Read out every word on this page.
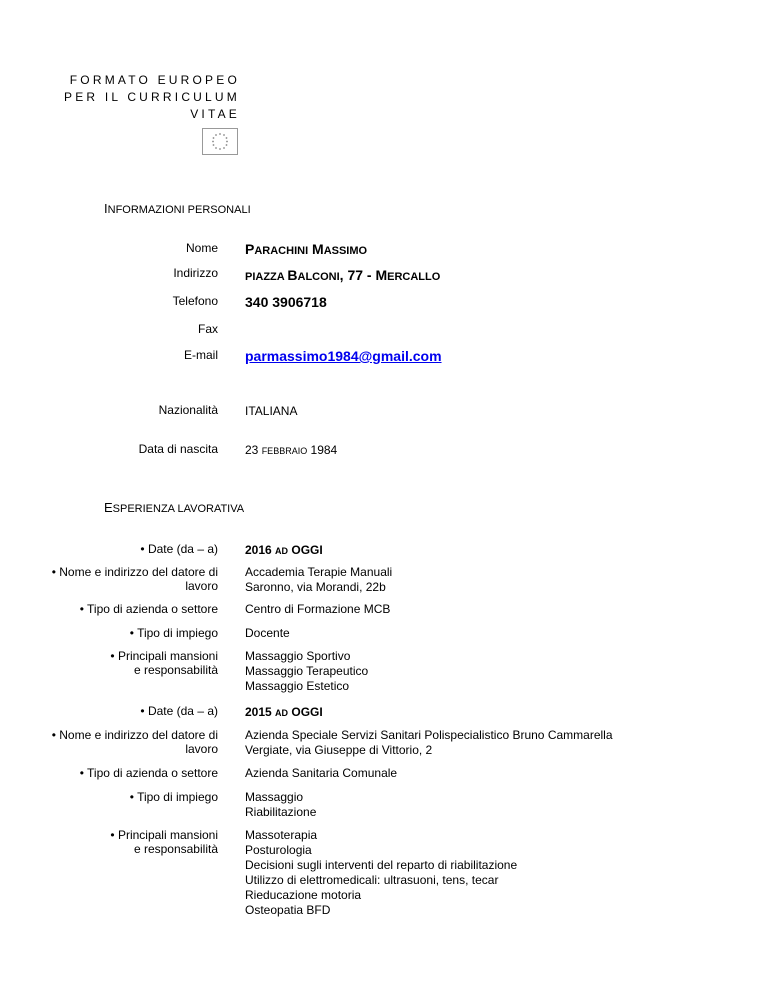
FORMATO EUROPEO
PER IL CURRICULUM
VITAE
INFORMAZIONI PERSONALI
Nome PARACHINI MASSIMO
Indirizzo PIAZZA BALCONI, 77 - MERCALLO
Telefono 340 3906718
Fax
E-mail parmassimo1984@gmail.com
Nazionalità ITALIANA
Data di nascita 23 FEBBRAIO 1984
ESPERIENZA LAVORATIVA
• Date (da – a) 2016 AD OGGI
• Nome e indirizzo del datore di lavoro
Accademia Terapie Manuali
Saronno, via Morandi, 22b
• Tipo di azienda o settore Centro di Formazione MCB
• Tipo di impiego Docente
• Principali mansioni e responsabilità
Massaggio Sportivo
Massaggio Terapeutico
Massaggio Estetico
• Date (da – a) 2015 AD OGGI
• Nome e indirizzo del datore di lavoro
Azienda Speciale Servizi Sanitari Polispecialistico Bruno Cammarella
Vergiate, via Giuseppe di Vittorio, 2
• Tipo di azienda o settore Azienda Sanitaria Comunale
• Tipo di impiego Massaggio
Riabilitazione
• Principali mansioni e responsabilità
Massoterapia
Posturologia
Decisioni sugli interventi del reparto di riabilitazione
Utilizzo di elettromedicali: ultrasuoni, tens, tecar
Rieducazione motoria
Osteopatia BFD
